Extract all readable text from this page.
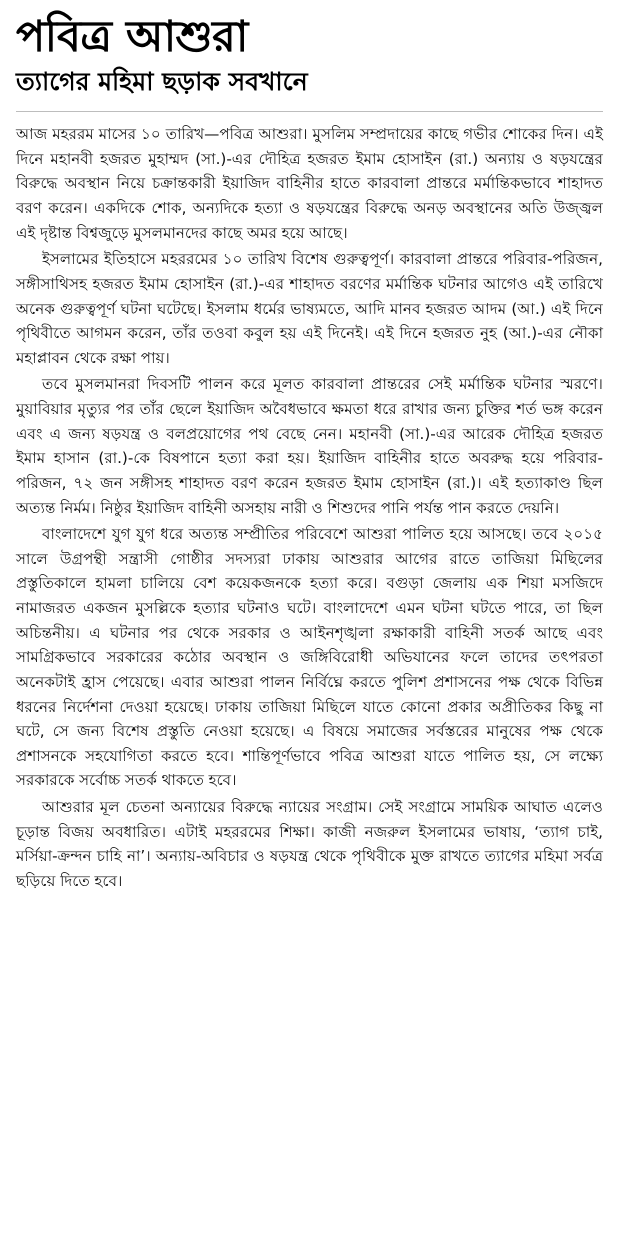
পবিত্র আশুরা
ত্যাগের মহিমা ছড়াক সবখানে

আজ মহররম মাসের ১০ তারিখ—পবিত্র আশুরা। মুসলিম সম্প্রদায়ের কাছে গভীর শোকের দিন। এই দিনে মহানবী হজরত মুহাম্মদ (সা.)-এর দৌহিত্র হজরত ইমাম হোসাইন (রা.) অন্যায় ও ষড়যন্ত্রের বিরুদ্ধে অবস্থান নিয়ে চক্রান্তকারী ইয়াজিদ বাহিনীর হাতে কারবালা প্রান্তরে মর্মান্তিকভাবে শাহাদত বরণ করেন। একদিকে শোক, অন্যদিকে হত্যা ও ষড়যন্ত্রের বিরুদ্ধে অনড় অবস্থানের অতি উজ্জ্বল এই দৃষ্টান্ত বিশ্বজুড়ে মুসলমানদের কাছে অমর হয়ে আছে।

ইসলামের ইতিহাসে মহররমের ১০ তারিখ বিশেষ গুরুত্বপূর্ণ। কারবালা প্রান্তরে পরিবার-পরিজন, সঙ্গীসাথিসহ হজরত ইমাম হোসাইন (রা.)-এর শাহাদত বরণের মর্মান্তিক ঘটনার আগেও এই তারিখে অনেক গুরুত্বপূর্ণ ঘটনা ঘটেছে। ইসলাম ধর্মের ভাষ্যমতে, আদি মানব হজরত আদম (আ.) এই দিনে পৃথিবীতে আগমন করেন, তাঁর তওবা কবুল হয় এই দিনেই। এই দিনে হজরত নুহ (আ.)-এর নৌকা মহাপ্লাবন থেকে রক্ষা পায়।

তবে মুসলমানরা দিবসটি পালন করে মূলত কারবালা প্রান্তরের সেই মর্মান্তিক ঘটনার স্মরণে। মুয়াবিয়ার মৃত্যুর পর তাঁর ছেলে ইয়াজিদ অবৈধভাবে ক্ষমতা ধরে রাখার জন্য চুক্তির শর্ত ভঙ্গ করেন এবং এ জন্য ষড়যন্ত্র ও বলপ্রয়োগের পথ বেছে নেন। মহানবী (সা.)-এর আরেক দৌহিত্র হজরত ইমাম হাসান (রা.)-কে বিষপানে হত্যা করা হয়। ইয়াজিদ বাহিনীর হাতে অবরুদ্ধ হয়ে পরিবার-পরিজন, ৭২ জন সঙ্গীসহ শাহাদত বরণ করেন হজরত ইমাম হোসাইন (রা.)। এই হত্যাকাণ্ড ছিল অত্যন্ত নির্মম। নিষ্ঠুর ইয়াজিদ বাহিনী অসহায় নারী ও শিশুদের পানি পর্যন্ত পান করতে দেয়নি।

বাংলাদেশে যুগ যুগ ধরে অত্যন্ত সম্প্রীতির পরিবেশে আশুরা পালিত হয়ে আসছে। তবে ২০১৫ সালে উগ্রপন্থী সন্ত্রাসী গোষ্ঠীর সদস্যরা ঢাকায় আশুরার আগের রাতে তাজিয়া মিছিলের প্রস্তুতিকালে হামলা চালিয়ে বেশ কয়েকজনকে হত্যা করে। বগুড়া জেলায় এক শিয়া মসজিদে নামাজরত একজন মুসল্লিকে হত্যার ঘটনাও ঘটে। বাংলাদেশে এমন ঘটনা ঘটতে পারে, তা ছিল অচিন্তনীয়। এ ঘটনার পর থেকে সরকার ও আইনশৃঙ্খলা রক্ষাকারী বাহিনী সতর্ক আছে এবং সামগ্রিকভাবে সরকারের কঠোর অবস্থান ও জঙ্গিবিরোধী অভিযানের ফলে তাদের তৎপরতা অনেকটাই হ্রাস পেয়েছে। এবার আশুরা পালন নির্বিঘ্নে করতে পুলিশ প্রশাসনের পক্ষ থেকে বিভিন্ন ধরনের নির্দেশনা দেওয়া হয়েছে। ঢাকায় তাজিয়া মিছিলে যাতে কোনো প্রকার অপ্রীতিকর কিছু না ঘটে, সে জন্য বিশেষ প্রস্তুতি নেওয়া হয়েছে। এ বিষয়ে সমাজের সর্বস্তরের মানুষের পক্ষ থেকে প্রশাসনকে সহযোগিতা করতে হবে। শান্তিপূর্ণভাবে পবিত্র আশুরা যাতে পালিত হয়, সে লক্ষ্যে সরকারকে সর্বোচ্চ সতর্ক থাকতে হবে।

আশুরার মূল চেতনা অন্যায়ের বিরুদ্ধে ন্যায়ের সংগ্রাম। সেই সংগ্রামে সাময়িক আঘাত এলেও চূড়ান্ত বিজয় অবধারিত। এটাই মহররমের শিক্ষা। কাজী নজরুল ইসলামের ভাষায়, ‘ত্যাগ চাই, মর্সিয়া-ক্রন্দন চাহি না’। অন্যায়-অবিচার ও ষড়যন্ত্র থেকে পৃথিবীকে মুক্ত রাখতে ত্যাগের মহিমা সর্বত্র ছড়িয়ে দিতে হবে।
